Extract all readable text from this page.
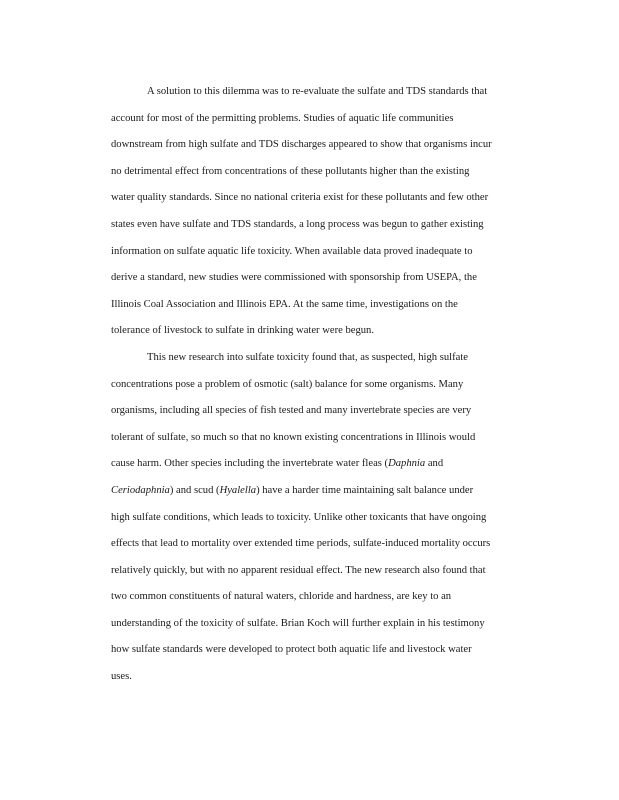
A solution to this dilemma was to re-evaluate the sulfate and TDS standards that
account for most of the permitting problems. Studies of aquatic life communities
downstream from high sulfate and TDS discharges appeared to show that organisms incur
no detrimental effect from concentrations of these pollutants higher than the existing
water quality standards. Since no national criteria exist for these pollutants and few other
states even have sulfate and TDS standards, a long process was begun to gather existing
information on sulfate aquatic life toxicity. When available data proved inadequate to
derive a standard, new studies were commissioned with sponsorship from USEPA, the
Illinois Coal Association and Illinois EPA. At the same time, investigations on the
tolerance of livestock to sulfate in drinking water were begun.
This new research into sulfate toxicity found that, as suspected, high sulfate
concentrations pose a problem of osmotic (salt) balance for some organisms. Many
organisms, including all species of fish tested and many invertebrate species are very
tolerant of sulfate, so much so that no known existing concentrations in Illinois would
cause harm. Other species including the invertebrate water fleas (Daphnia and
Ceriodaphnia) and scud (Hyalella) have a harder time maintaining salt balance under
high sulfate conditions, which leads to toxicity. Unlike other toxicants that have ongoing
effects that lead to mortality over extended time periods, sulfate-induced mortality occurs
relatively quickly, but with no apparent residual effect. The new research also found that
two common constituents of natural waters, chloride and hardness, are key to an
understanding of the toxicity of sulfate. Brian Koch will further explain in his testimony
how sulfate standards were developed to protect both aquatic life and livestock water
uses.
